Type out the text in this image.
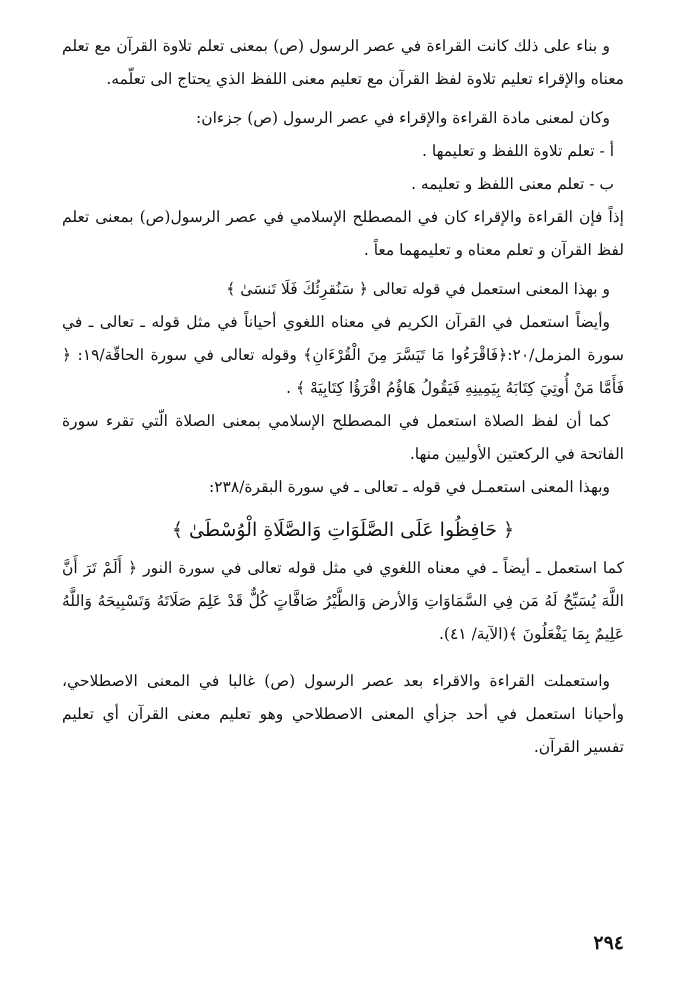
و بناء على ذلك كانت القراءة في عصر الرسول (ص) بمعنى تعلم تلاوة القرآن مع تعلم معناه والإقراء تعليم تلاوة لفظ القرآن مع تعليم معنى اللفظ الذي يحتاج الى تعلّمه.

وكان لمعنى مادة القراءة والإقراء في عصر الرسول (ص) جزءان:

أ - تعلم تلاوة اللفظ و تعليمها .

ب - تعلم معنى اللفظ و تعليمه .

إذاً فإن القراءة والإقراء كان في المصطلح الإسلامي في عصر الرسول(ص) بمعنى تعلم لفظ القرآن و تعلم معناه و تعليمهما معاً .

و بهذا المعنى استعمل في قوله تعالى ﴿ سَنُقرِئُكَ فَلَا تَنسَىٰ ﴾

وأيضاً استعمل في القرآن الكريم في معناه اللغوي أحياناً في مثل قوله ـ تعالى ـ في سورة المزمل/٢٠:﴿فَاقْرَءُوا مَا تَيَسَّرَ مِنَ الْقُرْءَانِ﴾ وقوله تعالى في سورة الحاقّة/١٩: ﴿ فَأَمَّا مَنْ أُوتِيَ كِتَابَهُ بِيَمِينِهِ فَيَقُولُ هَاؤُمُ اقْرَؤُا كِتَابِيَهْ ﴾ .

كما أن لفظ الصلاة استعمل في المصطلح الإسلامي بمعنى الصلاة الّتي تقرء سورة الفاتحة في الركعتين الأوليين منها.

وبهذا المعنى استعمـل في قوله ـ تعالى ـ في سورة البقرة/٢٣٨:

﴿ حَافِظُوا عَلَى الصَّلَوَاتِ وَالصَّلَاةِ الْوُسْطَىٰ ﴾

كما استعمل ـ أيضاً ـ في معناه اللغوي في مثل قوله تعالى في سورة النور ﴿ أَلَمْ تَرَ أَنَّ اللَّهَ يُسَبِّحُ لَهُ مَن فِي السَّمَاوَاتِ وَالأرض وَالطَّيْرُ صَافَّاتٍ كُلٌّ قَدْ عَلِمَ صَلَاتَهُ وَتَسْبِيحَهُ وَاللَّهُ عَلِيمٌ بِمَا يَفْعَلُونَ ﴾(الآية/ ٤١).

واستعملت القراءة والاقراء بعد عصر الرسول (ص) غالبا في المعنى الاصطلاحي، وأحيانا استعمل في أحد جزأي المعنى الاصطلاحي وهو تعليم معنى القرآن أي تعليم تفسير القرآن.

٢٩٤
